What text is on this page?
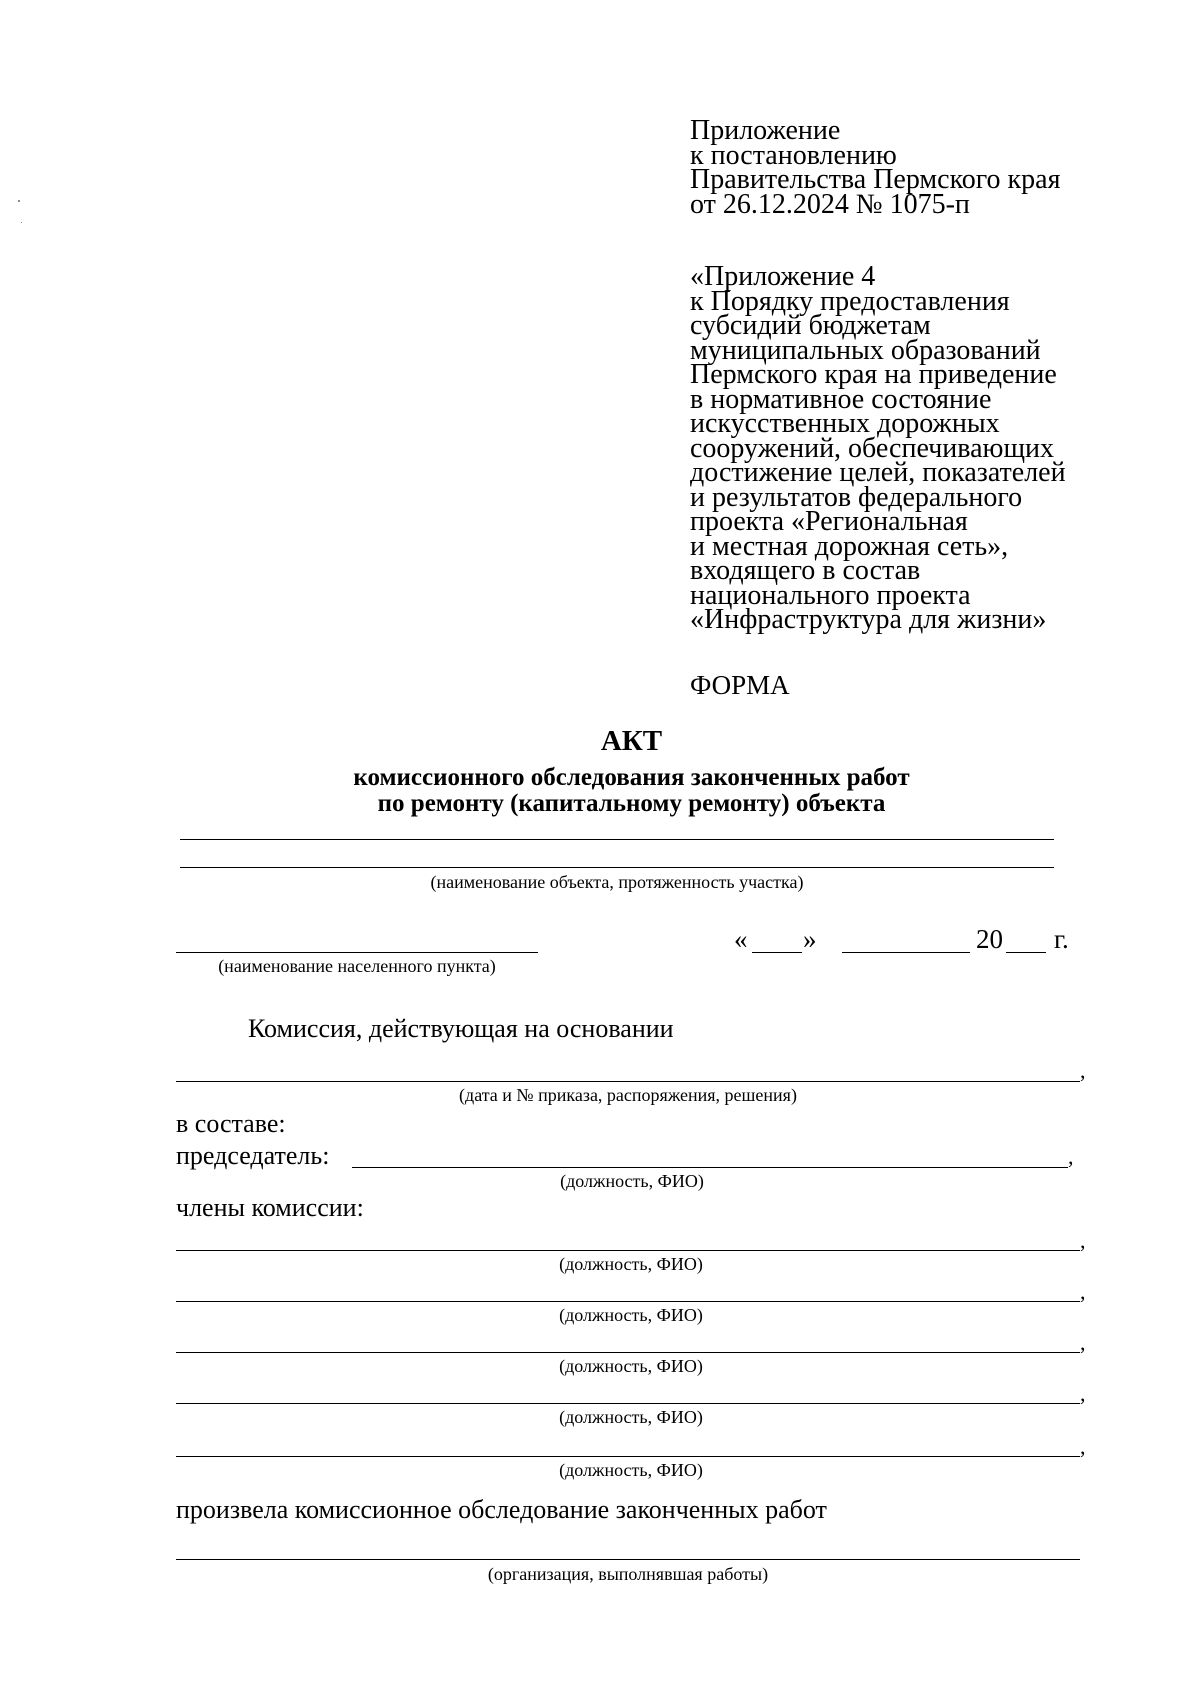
Приложение
к постановлению
Правительства Пермского края
от 26.12.2024 № 1075-п
«Приложение 4
к Порядку предоставления
субсидий бюджетам
муниципальных образований
Пермского края на приведение
в нормативное состояние
искусственных дорожных
сооружений, обеспечивающих
достижение целей, показателей
и результатов федерального
проекта «Региональная
и местная дорожная сеть»,
входящего в состав
национального проекта
«Инфраструктура для жизни»
ФОРМА
АКТ
комиссионного обследования законченных работ
по ремонту (капитальному ремонту) объекта
(наименование объекта, протяженность участка)
(наименование населенного пункта)
« »	20 г.
Комиссия, действующая на основании
,
(дата и № приказа, распоряжения, решения)
в составе:
председатель:	,
(должность, ФИО)
члены комиссии:
,
(должность, ФИО)
,
(должность, ФИО)
,
(должность, ФИО)
,
(должность, ФИО)
,
(должность, ФИО)
произвела комиссионное обследование законченных работ
(организация, выполнявшая работы)
